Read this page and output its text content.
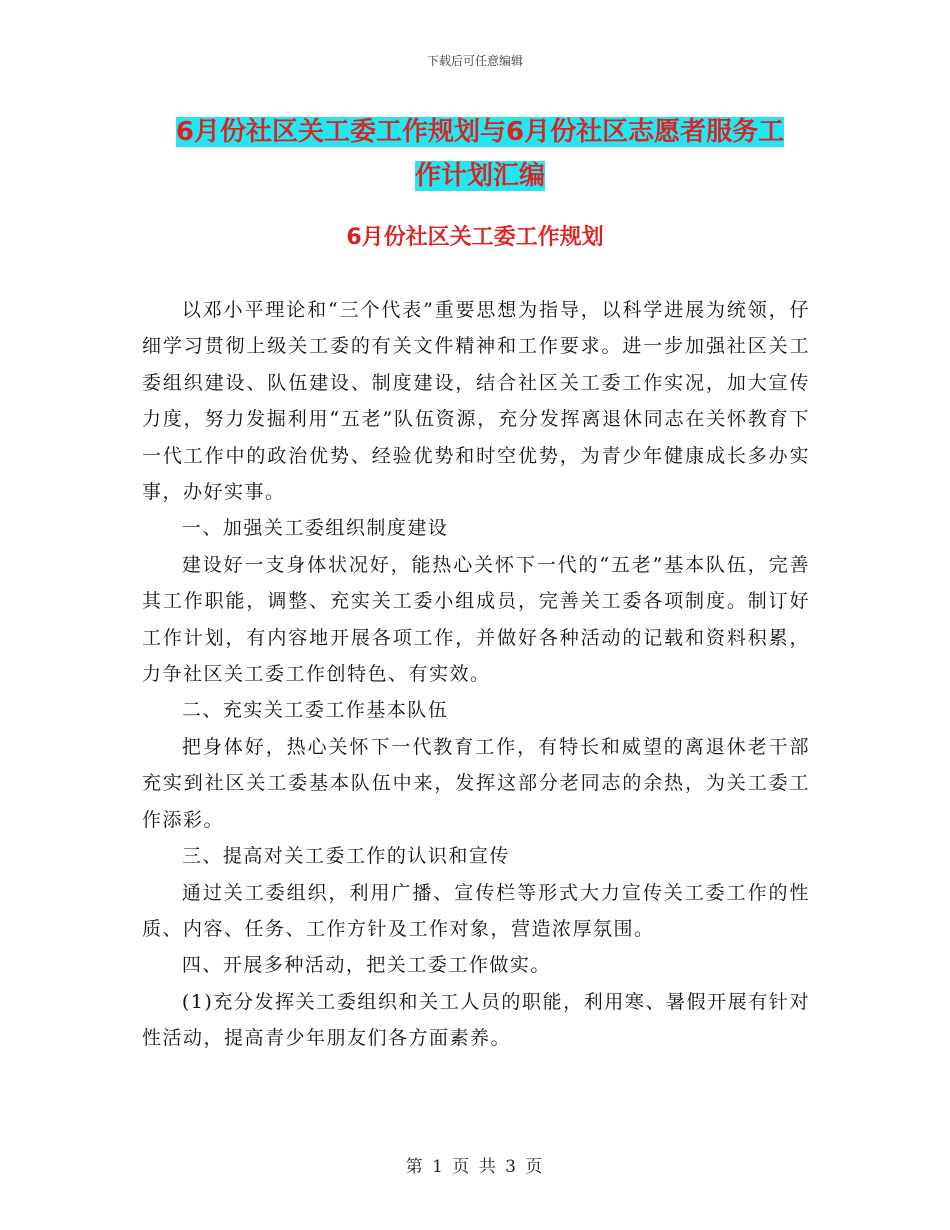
下载后可任意编辑
6月份社区关工委工作规划与6月份社区志愿者服务工
作计划汇编
6月份社区关工委工作规划

以邓小平理论和“三个代表”重要思想为指导，以科学进展为统领，仔细学习贯彻上级关工委的有关文件精神和工作要求。进一步加强社区关工委组织建设、队伍建设、制度建设，结合社区关工委工作实况，加大宣传力度，努力发掘利用“五老”队伍资源，充分发挥离退休同志在关怀教育下一代工作中的政治优势、经验优势和时空优势，为青少年健康成长多办实事，办好实事。

一、加强关工委组织制度建设

建设好一支身体状况好，能热心关怀下一代的“五老”基本队伍，完善其工作职能，调整、充实关工委小组成员，完善关工委各项制度。制订好工作计划，有内容地开展各项工作，并做好各种活动的记载和资料积累，力争社区关工委工作创特色、有实效。

二、充实关工委工作基本队伍

把身体好，热心关怀下一代教育工作，有特长和威望的离退休老干部充实到社区关工委基本队伍中来，发挥这部分老同志的余热，为关工委工作添彩。

三、提高对关工委工作的认识和宣传

通过关工委组织，利用广播、宣传栏等形式大力宣传关工委工作的性质、内容、任务、工作方针及工作对象，营造浓厚氛围。

四、开展多种活动，把关工委工作做实。

(1)充分发挥关工委组织和关工人员的职能，利用寒、暑假开展有针对性活动，提高青少年朋友们各方面素养。

第 1 页 共 3 页
